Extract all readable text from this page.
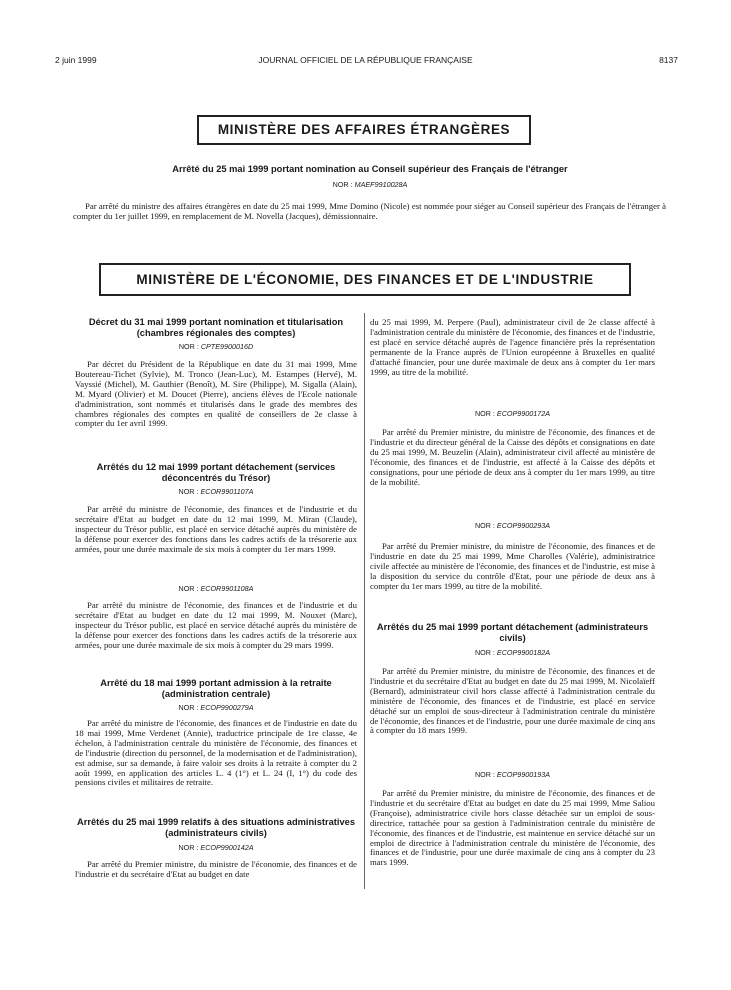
2 juin 1999	JOURNAL OFFICIEL DE LA RÉPUBLIQUE FRANÇAISE	8137
MINISTÈRE DES AFFAIRES ÉTRANGÈRES
Arrêté du 25 mai 1999 portant nomination au Conseil supérieur des Français de l'étranger
NOR : MAEF9910028A

Par arrêté du ministre des affaires étrangères en date du 25 mai 1999, Mme Domino (Nicole) est nommée pour siéger au Conseil supérieur des Français de l'étranger à compter du 1er juillet 1999, en remplacement de M. Novella (Jacques), démissionnaire.

MINISTÈRE DE L'ÉCONOMIE, DES FINANCES ET DE L'INDUSTRIE
Décret du 31 mai 1999 portant nomination et titularisation (chambres régionales des comptes)
NOR : CPTE9900016D

Par décret du Président de la République en date du 31 mai 1999, Mme Boutereau-Tichet (Sylvie), M. Tronco (Jean-Luc), M. Estampes (Hervé), M. Vayssié (Michel), M. Gauthier (Benoît), M. Sire (Philippe), M. Sigalla (Alain), M. Myard (Olivier) et M. Doucet (Pierre), anciens élèves de l'Ecole nationale d'administration, sont nommés et titularisés dans le grade des membres des chambres régionales des comptes en qualité de conseillers de 2e classe à compter du 1er avril 1999.

Arrêtés du 12 mai 1999 portant détachement (services déconcentrés du Trésor)
NOR : ECOR9901107A

Par arrêté du ministre de l'économie, des finances et de l'industrie et du secrétaire d'Etat au budget en date du 12 mai 1999, M. Miran (Claude), inspecteur du Trésor public, est placé en service détaché auprès du ministère de la défense pour exercer des fonctions dans les cadres actifs de la trésorerie aux armées, pour une durée maximale de six mois à compter du 1er mars 1999.

NOR : ECOR9901108A

Par arrêté du ministre de l'économie, des finances et de l'industrie et du secrétaire d'Etat au budget en date du 12 mai 1999, M. Nouxet (Marc), inspecteur du Trésor public, est placé en service détaché auprès du ministère de la défense pour exercer des fonctions dans les cadres actifs de la trésorerie aux armées, pour une durée maximale de six mois à compter du 29 mars 1999.

Arrêté du 18 mai 1999 portant admission à la retraite (administration centrale)
NOR : ECOP9900279A

Par arrêté du ministre de l'économie, des finances et de l'industrie en date du 18 mai 1999, Mme Verdenet (Annie), traductrice principale de 1re classe, 4e échelon, à l'administration centrale du ministère de l'économie, des finances et de l'industrie (direction du personnel, de la modernisation et de l'administration), est admise, sur sa demande, à faire valoir ses droits à la retraite à compter du 2 août 1999, en application des articles L. 4 (1°) et L. 24 (I, 1°) du code des pensions civiles et militaires de retraite.

Arrêtés du 25 mai 1999 relatifs à des situations administratives (administrateurs civils)
NOR : ECOP9900142A

Par arrêté du Premier ministre, du ministre de l'économie, des finances et de l'industrie et du secrétaire d'Etat au budget en date

du 25 mai 1999, M. Perpere (Paul), administrateur civil de 2e classe affecté à l'administration centrale du ministère de l'économie, des finances et de l'industrie, est placé en service détaché auprès de l'agence financière près la représentation permanente de la France auprès de l'Union européenne à Bruxelles en qualité d'attaché financier, pour une durée maximale de deux ans à compter du 1er mars 1999, au titre de la mobilité.

NOR : ECOP9900172A

Par arrêté du Premier ministre, du ministre de l'économie, des finances et de l'industrie et du directeur général de la Caisse des dépôts et consignations en date du 25 mai 1999, M. Beuzelin (Alain), administrateur civil affecté au ministère de l'économie, des finances et de l'industrie, est affecté à la Caisse des dépôts et consignations, pour une période de deux ans à compter du 1er mars 1999, au titre de la mobilité.

NOR : ECOP9900293A

Par arrêté du Premier ministre, du ministre de l'économie, des finances et de l'industrie en date du 25 mai 1999, Mme Charolles (Valérie), administratrice civile affectée au ministère de l'économie, des finances et de l'industrie, est mise à la disposition du service du contrôle d'Etat, pour une période de deux ans à compter du 1er mars 1999, au titre de la mobilité.

Arrêtés du 25 mai 1999 portant détachement (administrateurs civils)
NOR : ECOP9900182A

Par arrêté du Premier ministre, du ministre de l'économie, des finances et de l'industrie et du secrétaire d'Etat au budget en date du 25 mai 1999, M. Nicolaïeff (Bernard), administrateur civil hors classe affecté à l'administration centrale du ministère de l'économie, des finances et de l'industrie, est placé en service détaché sur un emploi de sous-directeur à l'administration centrale du ministère de l'économie, des finances et de l'industrie, pour une durée maximale de cinq ans à compter du 18 mars 1999.

NOR : ECOP9900193A

Par arrêté du Premier ministre, du ministre de l'économie, des finances et de l'industrie et du secrétaire d'Etat au budget en date du 25 mai 1999, Mme Saliou (Françoise), administratrice civile hors classe détachée sur un emploi de sous-directrice, rattachée pour sa gestion à l'administration centrale du ministère de l'économie, des finances et de l'industrie, est maintenue en service détaché sur un emploi de directrice à l'administration centrale du ministère de l'économie, des finances et de l'industrie, pour une durée maximale de cinq ans à compter du 23 mars 1999.
